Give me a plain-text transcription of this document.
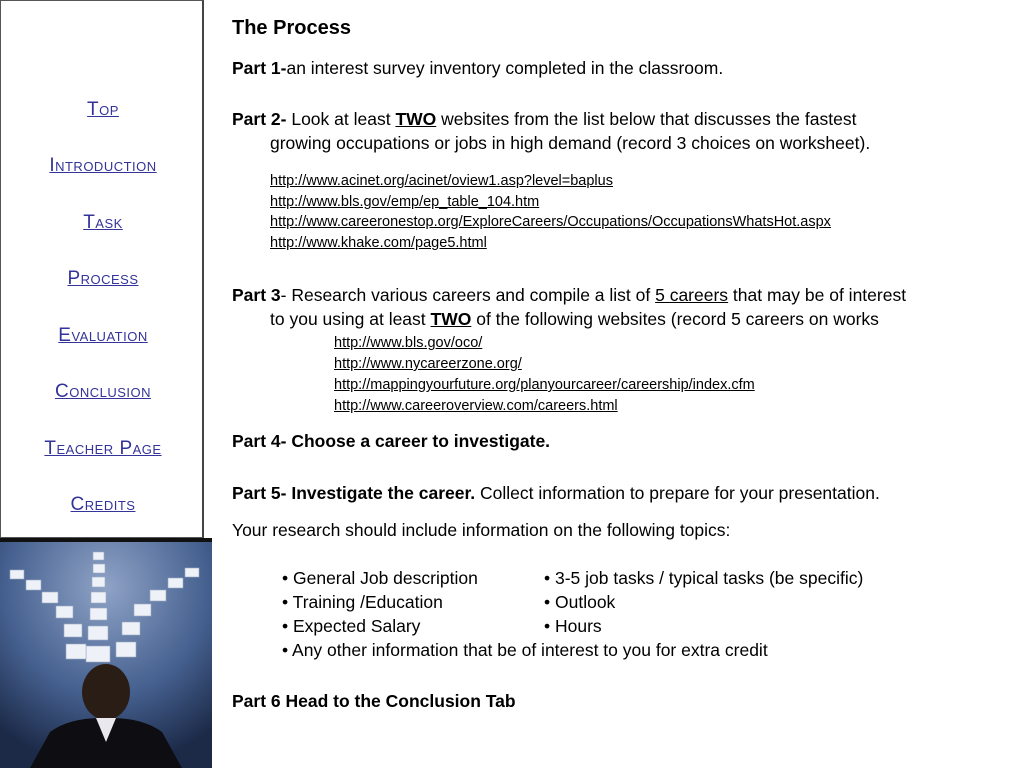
Top
Introduction
Task
Process
Evaluation
Conclusion
Teacher Page
Credits
The Process
Part 1-an interest survey inventory completed in the classroom.
Part 2- Look at least TWO websites from the list below that discusses the fastest
growing occupations or jobs in high demand (record 3 choices on worksheet).
http://www.acinet.org/acinet/oview1.asp?level=baplus
http://www.bls.gov/emp/ep_table_104.htm
http://www.careeronestop.org/ExploreCareers/Occupations/OccupationsWhatsHot.aspx
http://www.khake.com/page5.html
Part 3- Research various careers and compile a list of 5 careers that may be of interest
to you using at least TWO of the following websites (record 5 careers on works
http://www.bls.gov/oco/
http://www.nycareerzone.org/
http://mappingyourfuture.org/planyourcareer/careership/index.cfm
http://www.careeroverview.com/careers.html
Part 4- Choose a career to investigate.
Part 5- Investigate the career. Collect information to prepare for your presentation.
Your research should include information on the following topics:
• General Job description
• Training /Education
• Expected Salary
• 3-5 job tasks / typical tasks (be specific)
• Outlook
• Hours
• Any other information that be of interest to you for extra credit
Part 6 Head to the Conclusion Tab
